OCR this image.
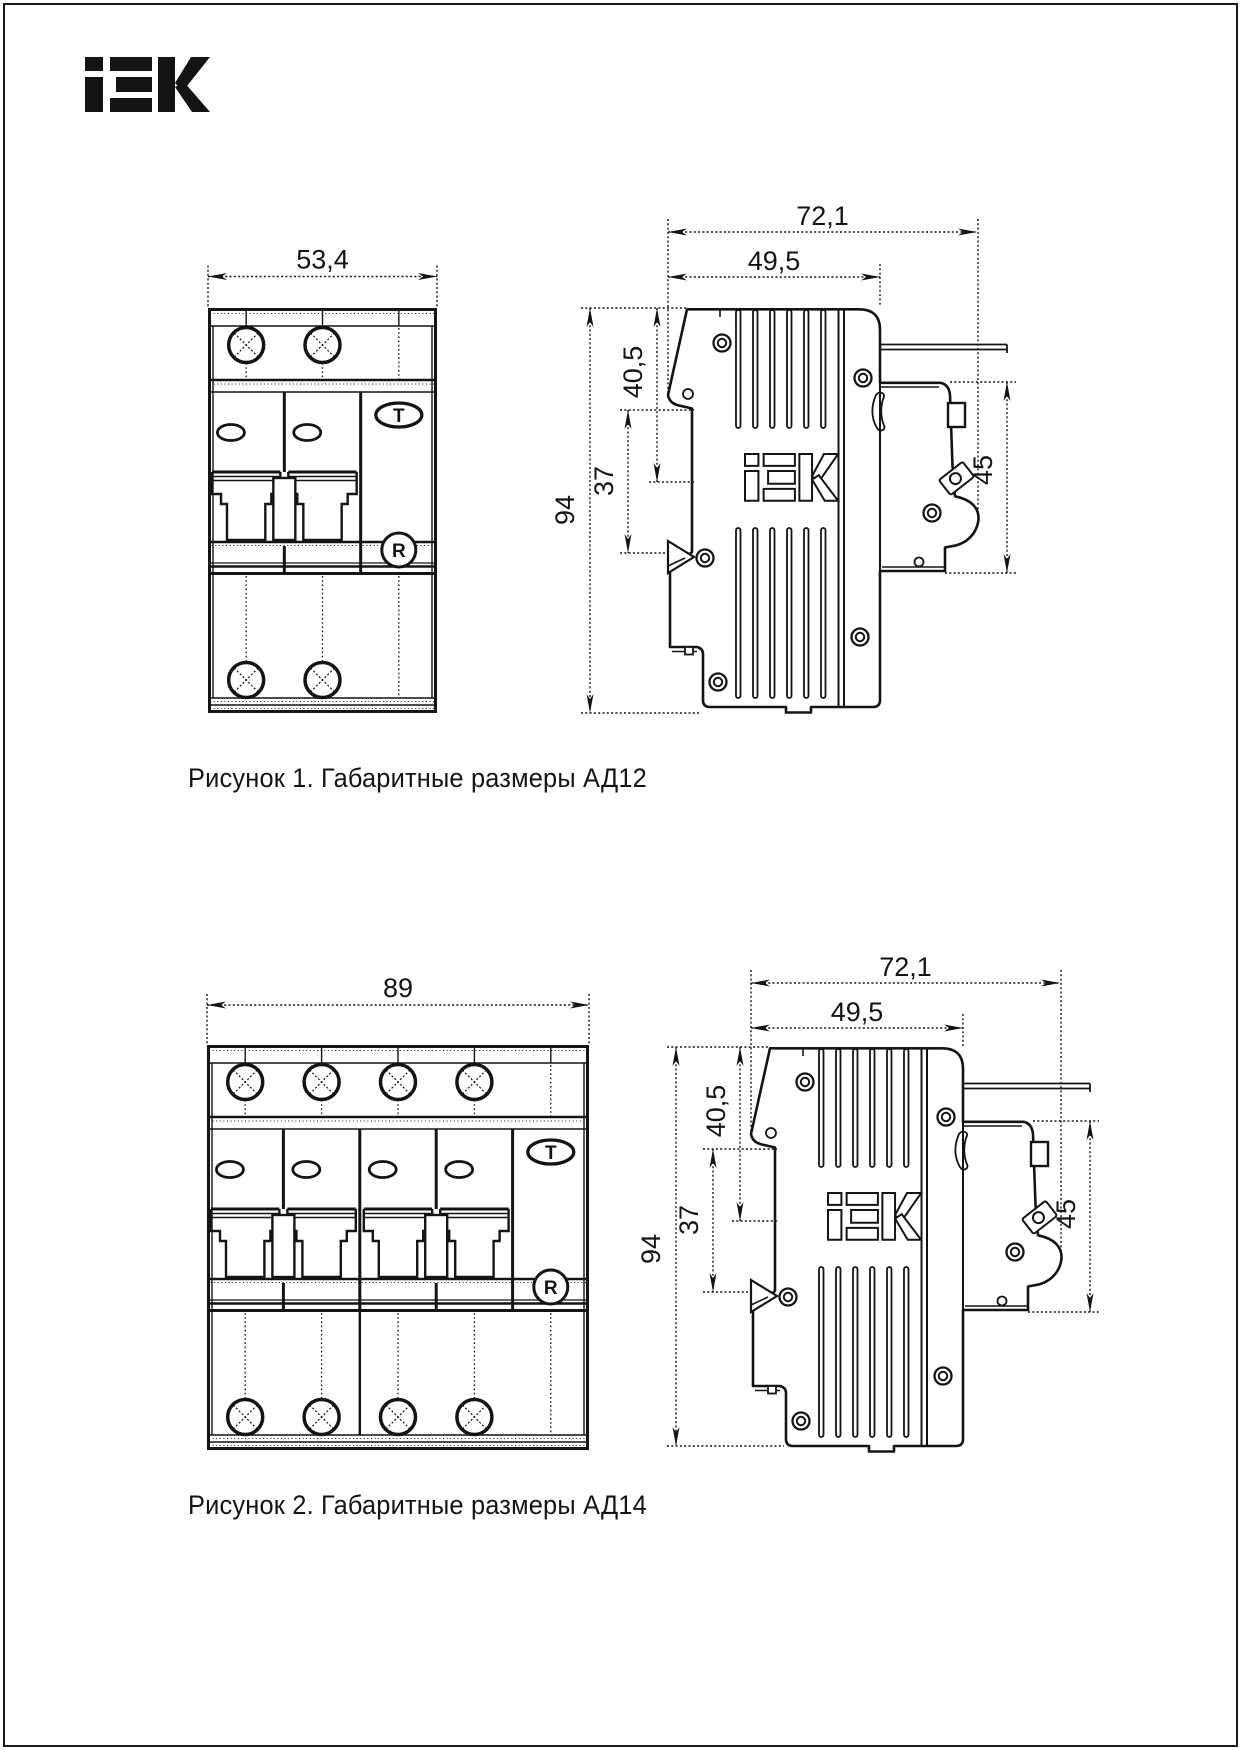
Т
R
53,4
72,1
49,5
94
37
40,5
45
Т
R
89
72,1
49,5
94
37
40,5
45
Рисунок 1. Габаритные размеры АД12
Рисунок 2. Габаритные размеры АД14
